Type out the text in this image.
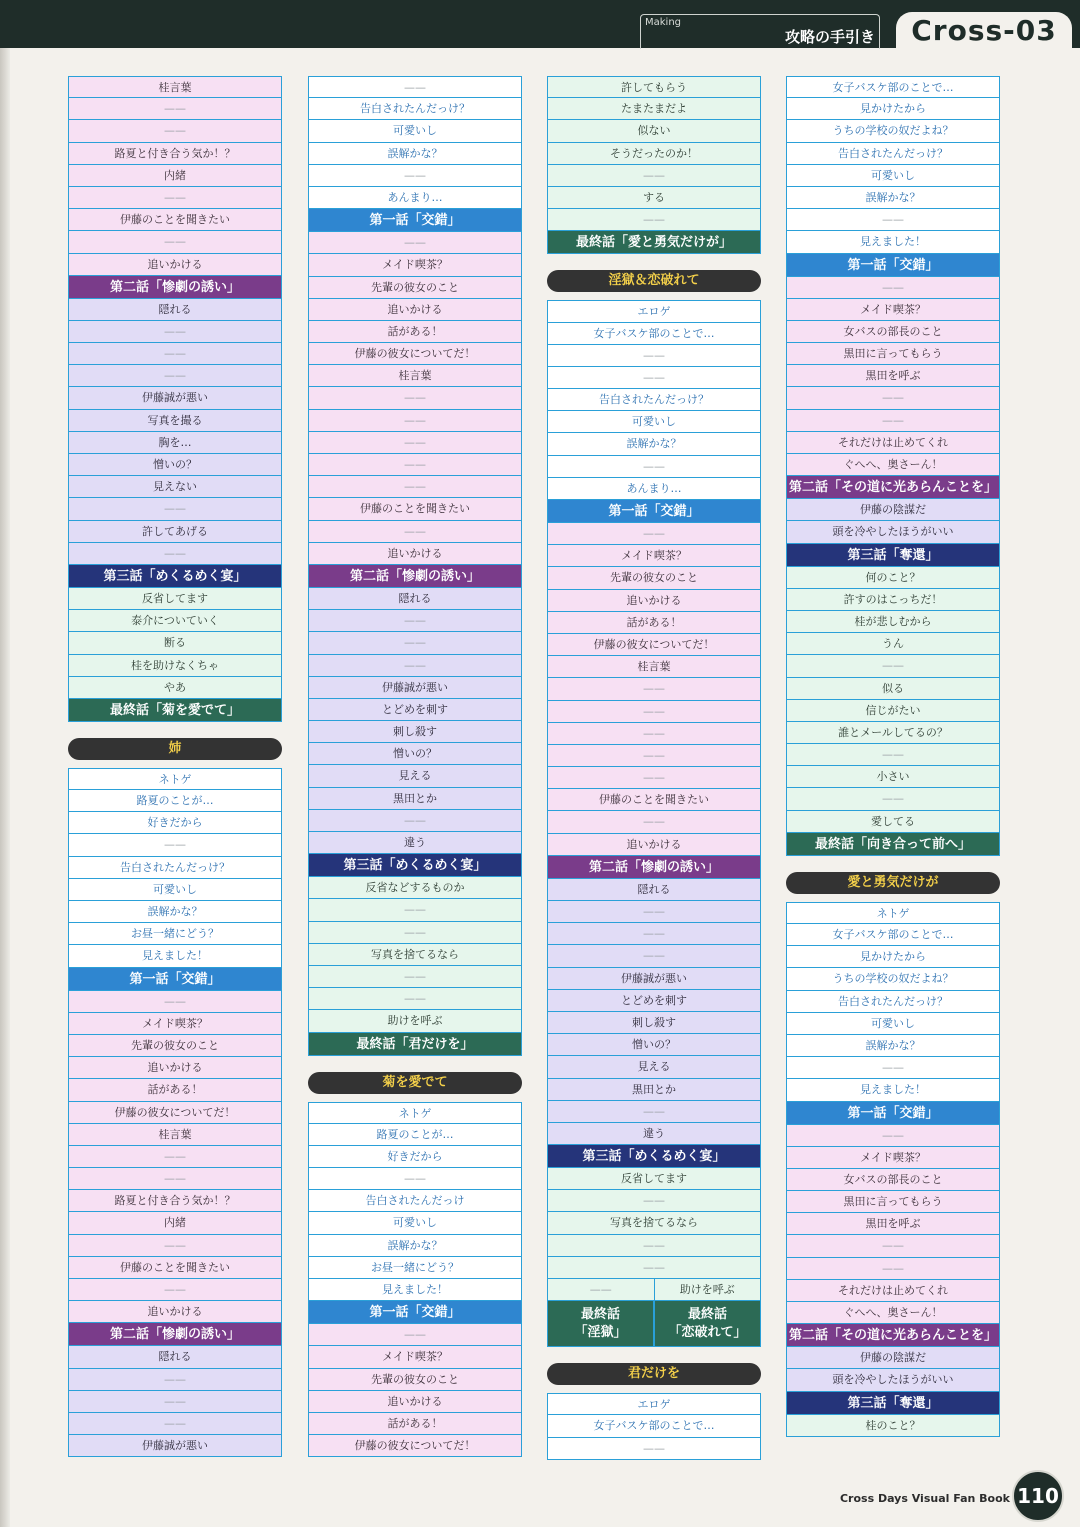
Making
攻略の手引き	Cross-03
桂言葉
——
——
路夏と付き合う気か！？
内緒
——
伊藤のことを聞きたい
——
追いかける
第二話「惨劇の誘い」
隠れる
——
——
——
伊藤誠が悪い
写真を撮る
胸を…
憎いの？
見えない
——
許してあげる
——
第三話「めくるめく宴」
反省してます
泰介についていく
断る
桂を助けなくちゃ
やあ
最終話「菊を愛でて」
姉
ネトゲ
路夏のことが…
好きだから
——
告白されたんだっけ？
可愛いし
誤解かな？
お昼一緒にどう？
見えました！
第一話「交錯」
——
メイド喫茶？
先輩の彼女のこと
追いかける
話がある！
伊藤の彼女についてだ！
桂言葉
——
——
路夏と付き合う気か！？
内緒
——
伊藤のことを聞きたい
——
追いかける
第二話「惨劇の誘い」
隠れる
——
——
——
伊藤誠が悪い
——
告白されたんだっけ？
可愛いし
誤解かな？
——
あんまり…
第一話「交錯」
——
メイド喫茶？
先輩の彼女のこと
追いかける
話がある！
伊藤の彼女についてだ！
桂言葉
——
——
——
——
——
伊藤のことを聞きたい
——
追いかける
第二話「惨劇の誘い」
隠れる
——
——
——
伊藤誠が悪い
とどめを刺す
刺し殺す
憎いの？
見える
黒田とか
——
違う
第三話「めくるめく宴」
反省などするものか
——
——
写真を捨てるなら
——
——
助けを呼ぶ
最終話「君だけを」
菊を愛でて
ネトゲ
路夏のことが…
好きだから
——
告白されたんだっけ
可愛いし
誤解かな？
お昼一緒にどう？
見えました！
第一話「交錯」
——
メイド喫茶？
先輩の彼女のこと
追いかける
話がある！
伊藤の彼女についてだ！
許してもらう
たまたまだよ
似ない
そうだったのか！
——
する
——
最終話「愛と勇気だけが」
淫獄＆恋破れて
エロゲ
女子バスケ部のことで…
——
——
告白されたんだっけ？
可愛いし
誤解かな？
——
あんまり…
第一話「交錯」
——
メイド喫茶？
先輩の彼女のこと
追いかける
話がある！
伊藤の彼女についてだ！
桂言葉
——
——
——
——
——
伊藤のことを聞きたい
——
追いかける
第二話「惨劇の誘い」
隠れる
——
——
——
伊藤誠が悪い
とどめを刺す
刺し殺す
憎いの？
見える
黒田とか
——
違う
第三話「めくるめく宴」
反省してます
——
写真を捨てるなら
——
——
——	助けを呼ぶ
最終話
「淫獄」
最終話
「恋破れて」
君だけを
エロゲ
女子バスケ部のことで…
——
女子バスケ部のことで…
見かけたから
うちの学校の奴だよね？
告白されたんだっけ？
可愛いし
誤解かな？
——
見えました！
第一話「交錯」
——
メイド喫茶？
女バスの部長のこと
黒田に言ってもらう
黒田を呼ぶ
——
——
それだけは止めてくれ
ぐへへ、奥さーん！
第二話「その道に光あらんことを」
伊藤の陰謀だ
頭を冷やしたほうがいい
第三話「奪還」
何のこと？
許すのはこっちだ！
桂が悲しむから
うん
——
似る
信じがたい
誰とメールしてるの？
——
小さい
——
愛してる
最終話「向き合って前へ」
愛と勇気だけが
ネトゲ
女子バスケ部のことで…
見かけたから
うちの学校の奴だよね？
告白されたんだっけ？
可愛いし
誤解かな？
——
見えました！
第一話「交錯」
——
メイド喫茶？
女バスの部長のこと
黒田に言ってもらう
黒田を呼ぶ
——
——
それだけは止めてくれ
ぐへへ、奥さーん！
第二話「その道に光あらんことを」
伊藤の陰謀だ
頭を冷やしたほうがいい
第三話「奪還」
桂のこと？
Cross Days Visual Fan Book 110
